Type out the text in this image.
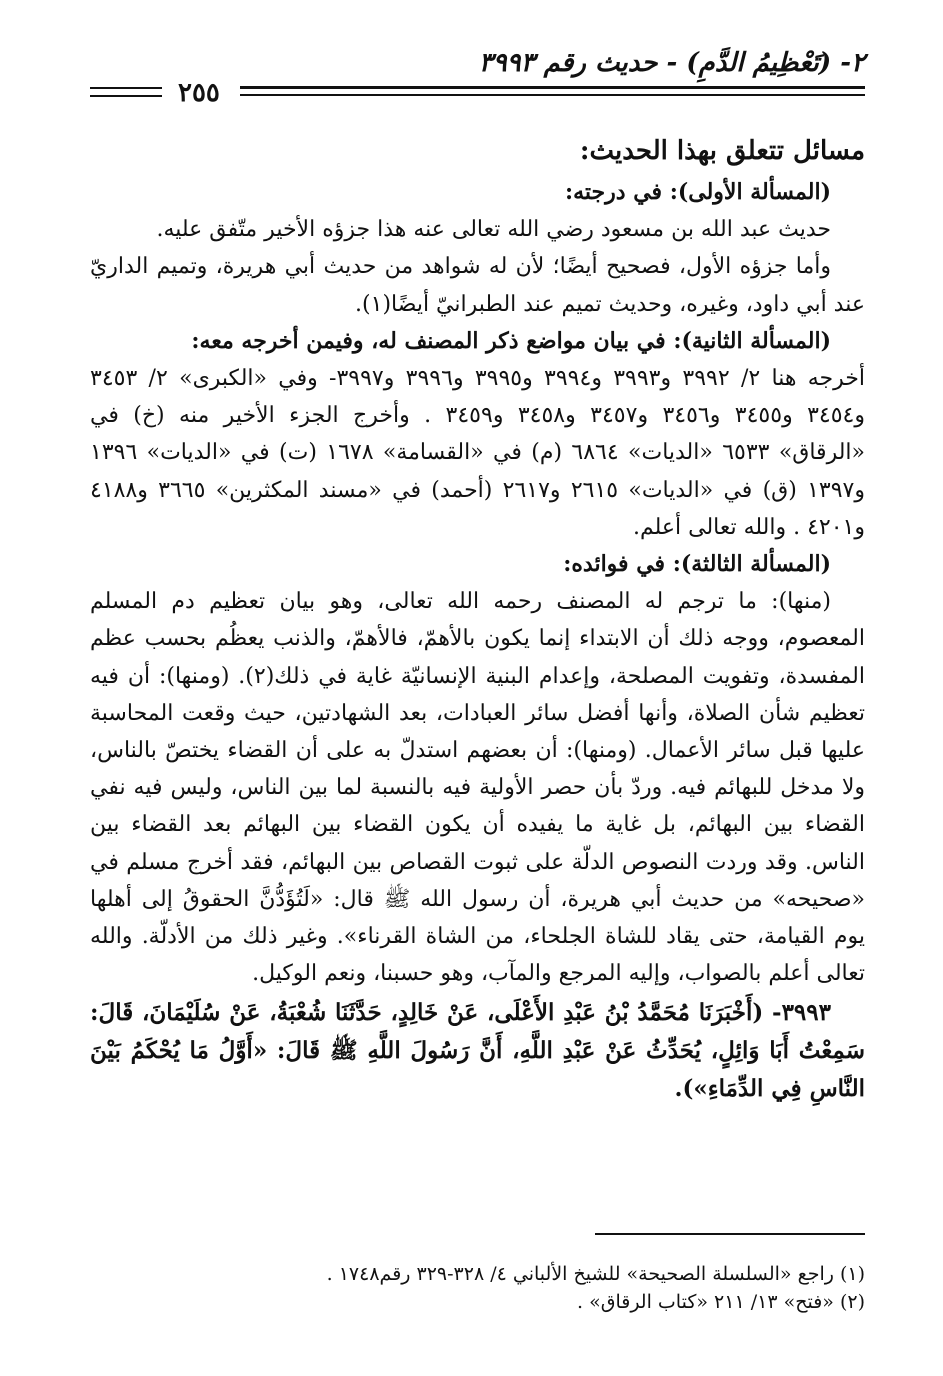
٢- (تَعْظِيمُ الدَّمِ) - حديث رقم ٣٩٩٣
٢٥٥

مسائل تتعلق بهذا الحديث:

(المسألة الأولى): في درجته:

حديث عبد الله بن مسعود رضي الله تعالى عنه هذا جزؤه الأخير متّفق عليه.

وأما جزؤه الأول، فصحيح أيضًا؛ لأن له شواهد من حديث أبي هريرة، وتميم الداريّ عند أبي داود، وغيره، وحديث تميم عند الطبرانيّ أيضًا(١).

(المسألة الثانية): في بيان مواضع ذكر المصنف له، وفيمن أخرجه معه:

أخرجه هنا ٢/ ٣٩٩٢ و٣٩٩٣ و٣٩٩٤ و٣٩٩٥ و٣٩٩٦ و٣٩٩٧- وفي «الكبرى» ٢/ ٣٤٥٣ و٣٤٥٤ و٣٤٥٥ و٣٤٥٦ و٣٤٥٧ و٣٤٥٨ و٣٤٥٩ . وأخرج الجزء الأخير منه (خ) في «الرقاق» ٦٥٣٣ «الديات» ٦٨٦٤ (م) في «القسامة» ١٦٧٨ (ت) في «الديات» ١٣٩٦ و١٣٩٧ (ق) في «الديات» ٢٦١٥ و٢٦١٧ (أحمد) في «مسند المكثرين» ٣٦٦٥ و٤١٨٨ و٤٢٠١ . والله تعالى أعلم.

(المسألة الثالثة): في فوائده:

(منها): ما ترجم له المصنف رحمه الله تعالى، وهو بيان تعظيم دم المسلم المعصوم، ووجه ذلك أن الابتداء إنما يكون بالأهمّ، فالأهمّ، والذنب يعظُم بحسب عظم المفسدة، وتفويت المصلحة، وإعدام البنية الإنسانيّة غاية في ذلك(٢). (ومنها): أن فيه تعظيم شأن الصلاة، وأنها أفضل سائر العبادات، بعد الشهادتين، حيث وقعت المحاسبة عليها قبل سائر الأعمال. (ومنها): أن بعضهم استدلّ به على أن القضاء يختصّ بالناس، ولا مدخل للبهائم فيه. وردّ بأن حصر الأولية فيه بالنسبة لما بين الناس، وليس فيه نفي القضاء بين البهائم، بل غاية ما يفيده أن يكون القضاء بين البهائم بعد القضاء بين الناس. وقد وردت النصوص الدلّة على ثبوت القصاص بين البهائم، فقد أخرج مسلم في «صحيحه» من حديث أبي هريرة، أن رسول الله ﷺ قال: «لَتُؤَدُّنَّ الحقوقُ إلى أهلها يوم القيامة، حتى يقاد للشاة الجلحاء، من الشاة القرناء». وغير ذلك من الأدلّة. والله تعالى أعلم بالصواب، وإليه المرجع والمآب، وهو حسبنا، ونعم الوكيل.

٣٩٩٣- (أَخْبَرَنَا مُحَمَّدُ بْنُ عَبْدِ الأَعْلَى، عَنْ خَالِدٍ، حَدَّثَنَا شُعْبَةُ، عَنْ سُلَيْمَانَ، قَالَ: سَمِعْتُ أَبَا وَائِلٍ، يُحَدِّثُ عَنْ عَبْدِ اللَّهِ، أَنَّ رَسُولَ اللَّهِ ﷺ قَالَ: «أَوَّلُ مَا يُحْكَمُ بَيْنَ النَّاسِ فِي الدِّمَاءِ»).

(١) راجع «السلسلة الصحيحة» للشيخ الألباني ٤/ ٣٢٨-٣٢٩ رقم١٧٤٨ .

(٢) «فتح» ١٣/ ٢١١ «كتاب الرقاق» .
